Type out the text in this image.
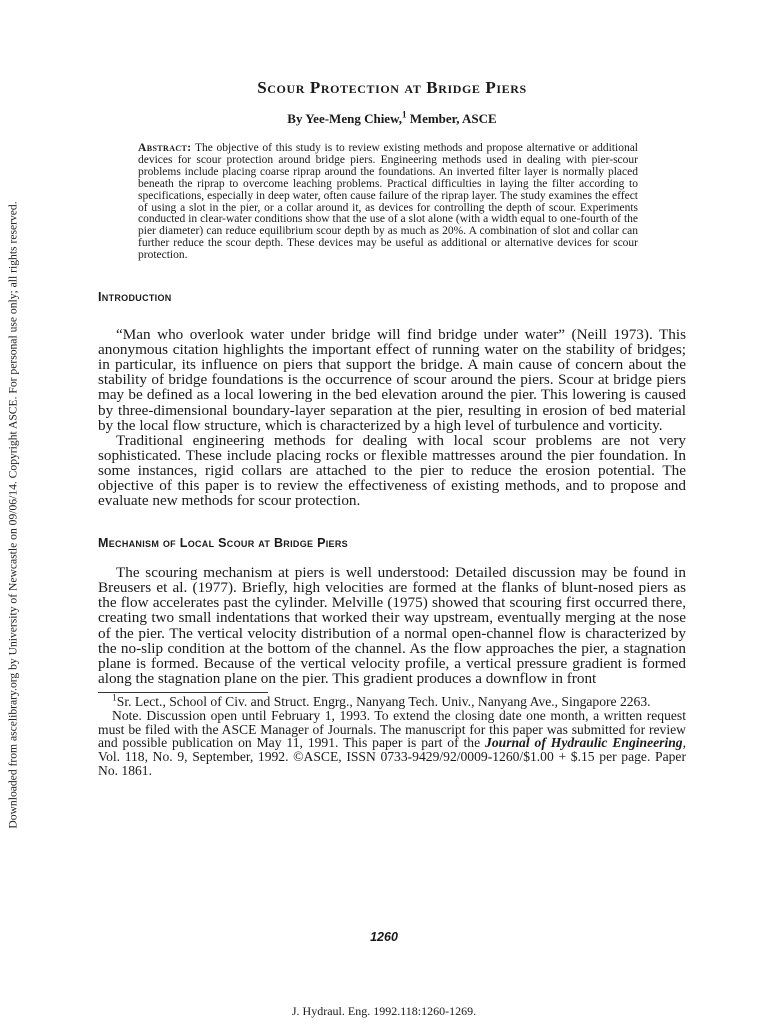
Downloaded from ascelibrary.org by University of Newcastle on 09/06/14. Copyright ASCE. For personal use only; all rights reserved.
Scour Protection at Bridge Piers
By Yee-Meng Chiew,$^1$ Member, ASCE
Abstract: The objective of this study is to review existing methods and propose alternative or additional devices for scour protection around bridge piers. Engineering methods used in dealing with pier-scour problems include placing coarse riprap around the foundations. An inverted filter layer is normally placed beneath the riprap to overcome leaching problems. Practical difficulties in laying the filter according to specifications, especially in deep water, often cause failure of the riprap layer. The study examines the effect of using a slot in the pier, or a collar around it, as devices for controlling the depth of scour. Experiments conducted in clear-water conditions show that the use of a slot alone (with a width equal to one-fourth of the pier diameter) can reduce equilibrium scour depth by as much as 20%. A combination of slot and collar can further reduce the scour depth. These devices may be useful as additional or alternative devices for scour protection.
Introduction

“Man who overlook water under bridge will find bridge under water” (Neill 1973). This anonymous citation highlights the important effect of running water on the stability of bridges; in particular, its influence on piers that support the bridge. A main cause of concern about the stability of bridge foundations is the occurrence of scour around the piers. Scour at bridge piers may be defined as a local lowering in the bed elevation around the pier. This lowering is caused by three-dimensional boundary-layer separation at the pier, resulting in erosion of bed material by the local flow structure, which is characterized by a high level of turbulence and vorticity.

Traditional engineering methods for dealing with local scour problems are not very sophisticated. These include placing rocks or flexible mattresses around the pier foundation. In some instances, rigid collars are attached to the pier to reduce the erosion potential. The objective of this paper is to review the effectiveness of existing methods, and to propose and evaluate new methods for scour protection.

Mechanism of Local Scour at Bridge Piers

The scouring mechanism at piers is well understood: Detailed discussion may be found in Breusers et al. (1977). Briefly, high velocities are formed at the flanks of blunt-nosed piers as the flow accelerates past the cylinder. Melville (1975) showed that scouring first occurred there, creating two small indentations that worked their way upstream, eventually merging at the nose of the pier. The vertical velocity distribution of a normal open-channel flow is characterized by the no-slip condition at the bottom of the channel. As the flow approaches the pier, a stagnation plane is formed. Because of the vertical velocity profile, a vertical pressure gradient is formed along the stagnation plane on the pier. This gradient produces a downflow in front

$^1$Sr. Lect., School of Civ. and Struct. Engrg., Nanyang Tech. Univ., Nanyang Ave., Singapore 2263.

Note. Discussion open until February 1, 1993. To extend the closing date one month, a written request must be filed with the ASCE Manager of Journals. The manuscript for this paper was submitted for review and possible publication on May 11, 1991. This paper is part of the Journal of Hydraulic Engineering, Vol. 118, No. 9, September, 1992. ©ASCE, ISSN 0733-9429/92/0009-1260/$1.00 + $.15 per page. Paper No. 1861.

1260
J. Hydraul. Eng. 1992.118:1260-1269.
